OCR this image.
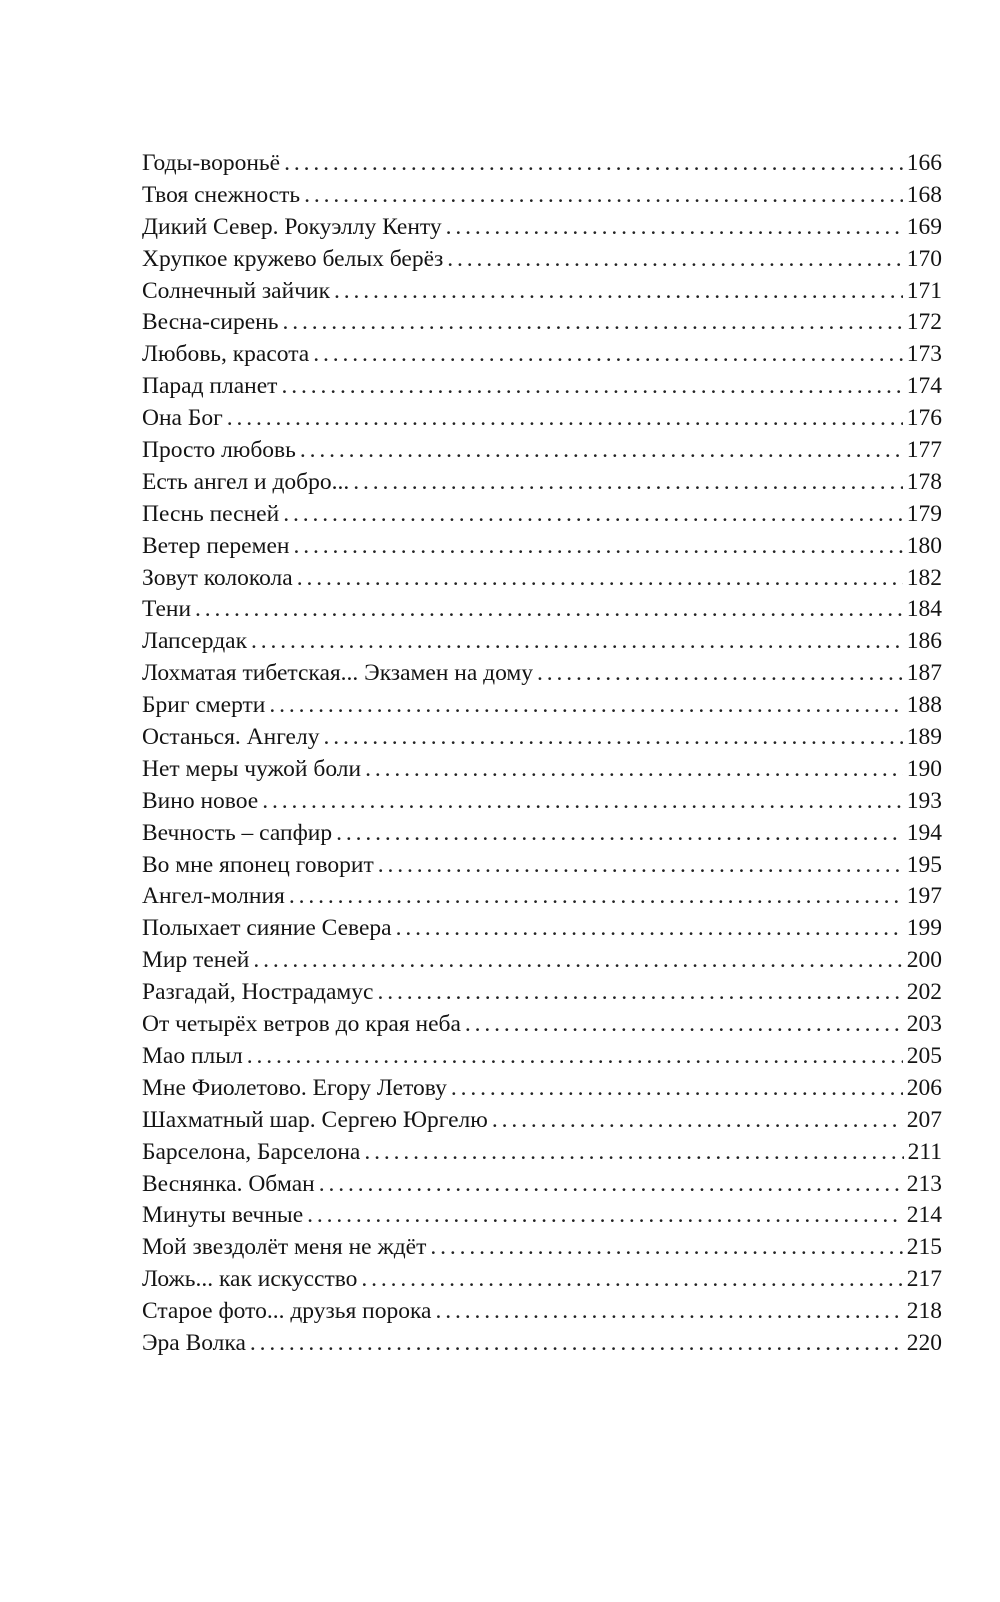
Годы-вороньё . . .	166
Твоя снежность . . .	168
Дикий Север. Рокуэллу Кенту . . .	169
Хрупкое кружево белых берёз . . .	170
Солнечный зайчик . . .	171
Весна-сирень . . .	172
Любовь, красота . . .	173
Парад планет . . .	174
Она Бог . . .	176
Просто любовь . . .	177
Есть ангел и добро... . . .	178
Песнь песней . . .	179
Ветер перемен . . .	180
Зовут колокола . . .	182
Тени . . .	184
Лапсердак . . .	186
Лохматая тибетская... Экзамен на дому . . .	187
Бриг смерти . . .	188
Останься. Ангелу . . .	189
Нет меры чужой боли . . .	190
Вино новое . . .	193
Вечность – сапфир . . .	194
Во мне японец говорит . . .	195
Ангел-молния . . .	197
Полыхает сияние Севера . . .	199
Мир теней . . .	200
Разгадай, Нострадамус . . .	202
От четырёх ветров до края неба . . .	203
Мао плыл . . .	205
Мне Фиолетово. Егору Летову . . .	206
Шахматный шар. Сергею Юргелю . . .	207
Барселона, Барселона . . .	211
Веснянка. Обман . . .	213
Минуты вечные . . .	214
Мой звездолёт меня не ждёт . . .	215
Ложь... как искусство . . .	217
Старое фото... друзья порока . . .	218
Эра Волка . . .	220
